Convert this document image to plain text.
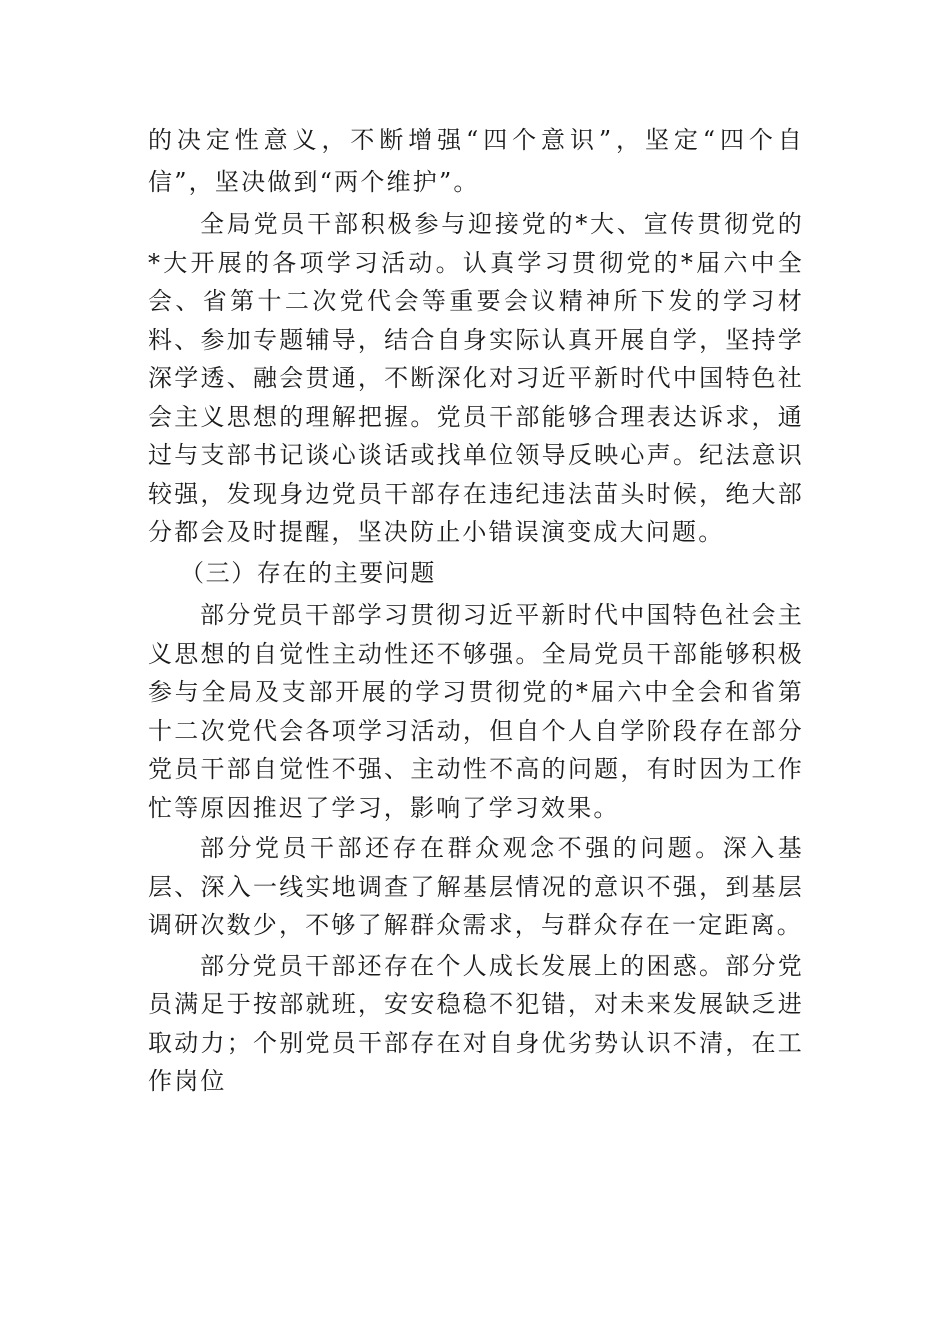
的决定性意义，不断增强“四个意识”，坚定“四个自信”，坚决做到“两个维护”。

全局党员干部积极参与迎接党的*大、宣传贯彻党的*大开展的各项学习活动。认真学习贯彻党的*届六中全会、省第十二次党代会等重要会议精神所下发的学习材料、参加专题辅导，结合自身实际认真开展自学，坚持学深学透、融会贯通，不断深化对习近平新时代中国特色社会主义思想的理解把握。党员干部能够合理表达诉求，通过与支部书记谈心谈话或找单位领导反映心声。纪法意识较强，发现身边党员干部存在违纪违法苗头时候，绝大部分都会及时提醒，坚决防止小错误演变成大问题。

（三）存在的主要问题

部分党员干部学习贯彻习近平新时代中国特色社会主义思想的自觉性主动性还不够强。全局党员干部能够积极参与全局及支部开展的学习贯彻党的*届六中全会和省第十二次党代会各项学习活动，但自个人自学阶段存在部分党员干部自觉性不强、主动性不高的问题，有时因为工作忙等原因推迟了学习，影响了学习效果。

部分党员干部还存在群众观念不强的问题。深入基层、深入一线实地调查了解基层情况的意识不强，到基层调研次数少，不够了解群众需求，与群众存在一定距离。

部分党员干部还存在个人成长发展上的困惑。部分党员满足于按部就班，安安稳稳不犯错，对未来发展缺乏进取动力；个别党员干部存在对自身优劣势认识不清，在工作岗位
